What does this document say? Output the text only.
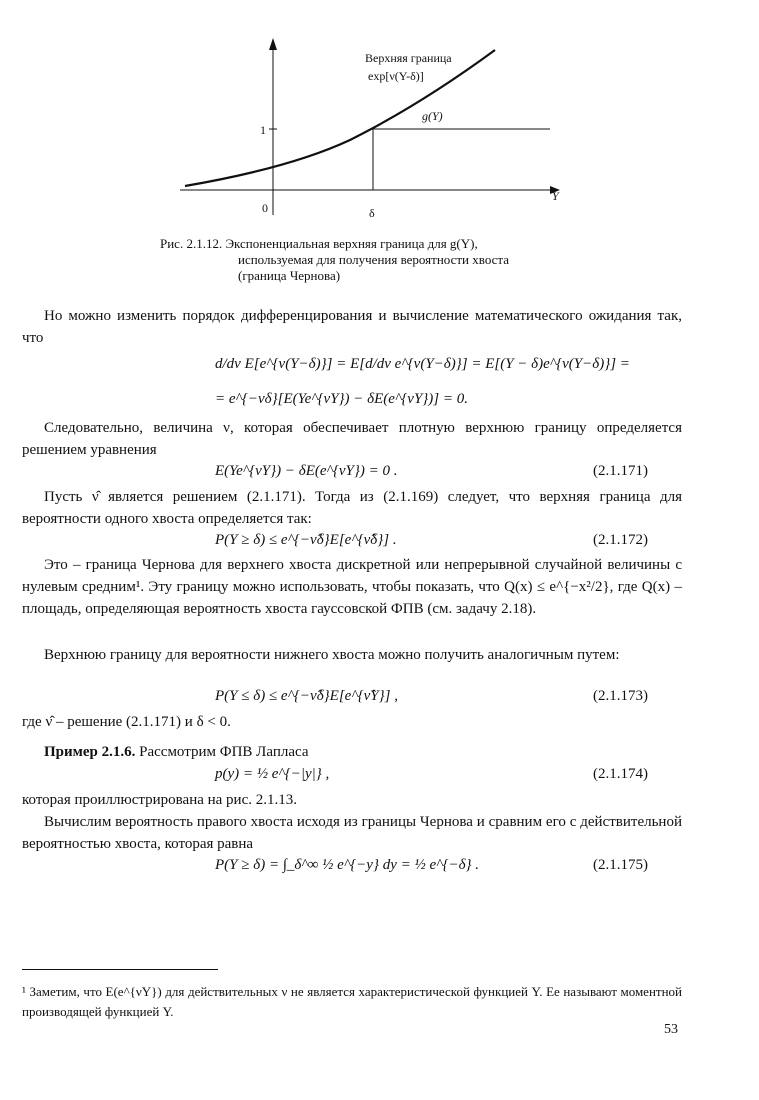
Верхняя граница
exp[ν(Y-δ)]
g(Y)
1
0	δ
Y
Рис. 2.1.12. Экспоненциальная верхняя граница для g(Y),
используемая для получения вероятности хвоста
(граница Чернова)
Но можно изменить порядок дифференцирования и вычисление математического ожидания так, что
d/dν E[e^{ν(Y−δ)}] = E[d/dν e^{ν(Y−δ)}] = E[(Y − δ)e^{ν(Y−δ)}] =
= e^{−νδ}[E(Ye^{νY}) − δE(e^{νY})] = 0.
Следовательно, величина ν, которая обеспечивает плотную верхнюю границу определяется решением уравнения
E(Ye^{νY}) − δE(e^{νY}) = 0 .	(2.1.171)
Пусть ν̂ является решением (2.1.171). Тогда из (2.1.169) следует, что верхняя граница для вероятности одного хвоста определяется так:
P(Y ≥ δ) ≤ e^{−ν̂δ}E[e^{ν̂δ}] .	(2.1.172)
Это – граница Чернова для верхнего хвоста дискретной или непрерывной случайной величины с нулевым средним¹. Эту границу можно использовать, чтобы показать, что Q(x) ≤ e^{−x²/2}, где Q(x) – площадь, определяющая вероятность хвоста гауссовской ФПВ (см. задачу 2.18).
Верхнюю границу для вероятности нижнего хвоста можно получить аналогичным путем:
P(Y ≤ δ) ≤ e^{−ν̂δ}E[e^{ν̂Y}] ,	(2.1.173)
где ν̂ – решение (2.1.171) и δ < 0.
Пример 2.1.6. Рассмотрим ФПВ Лапласа
p(y) = ½ e^{−|y|} ,	(2.1.174)
которая проиллюстрирована на рис. 2.1.13.
Вычислим вероятность правого хвоста исходя из границы Чернова и сравним его с действительной вероятностью хвоста, которая равна
P(Y ≥ δ) = ∫_δ^∞ ½ e^{−y} dy = ½ e^{−δ} .	(2.1.175)
¹ Заметим, что E(e^{νY}) для действительных ν не является характеристической функцией Y. Ее называют моментной производящей функцией Y.
53
